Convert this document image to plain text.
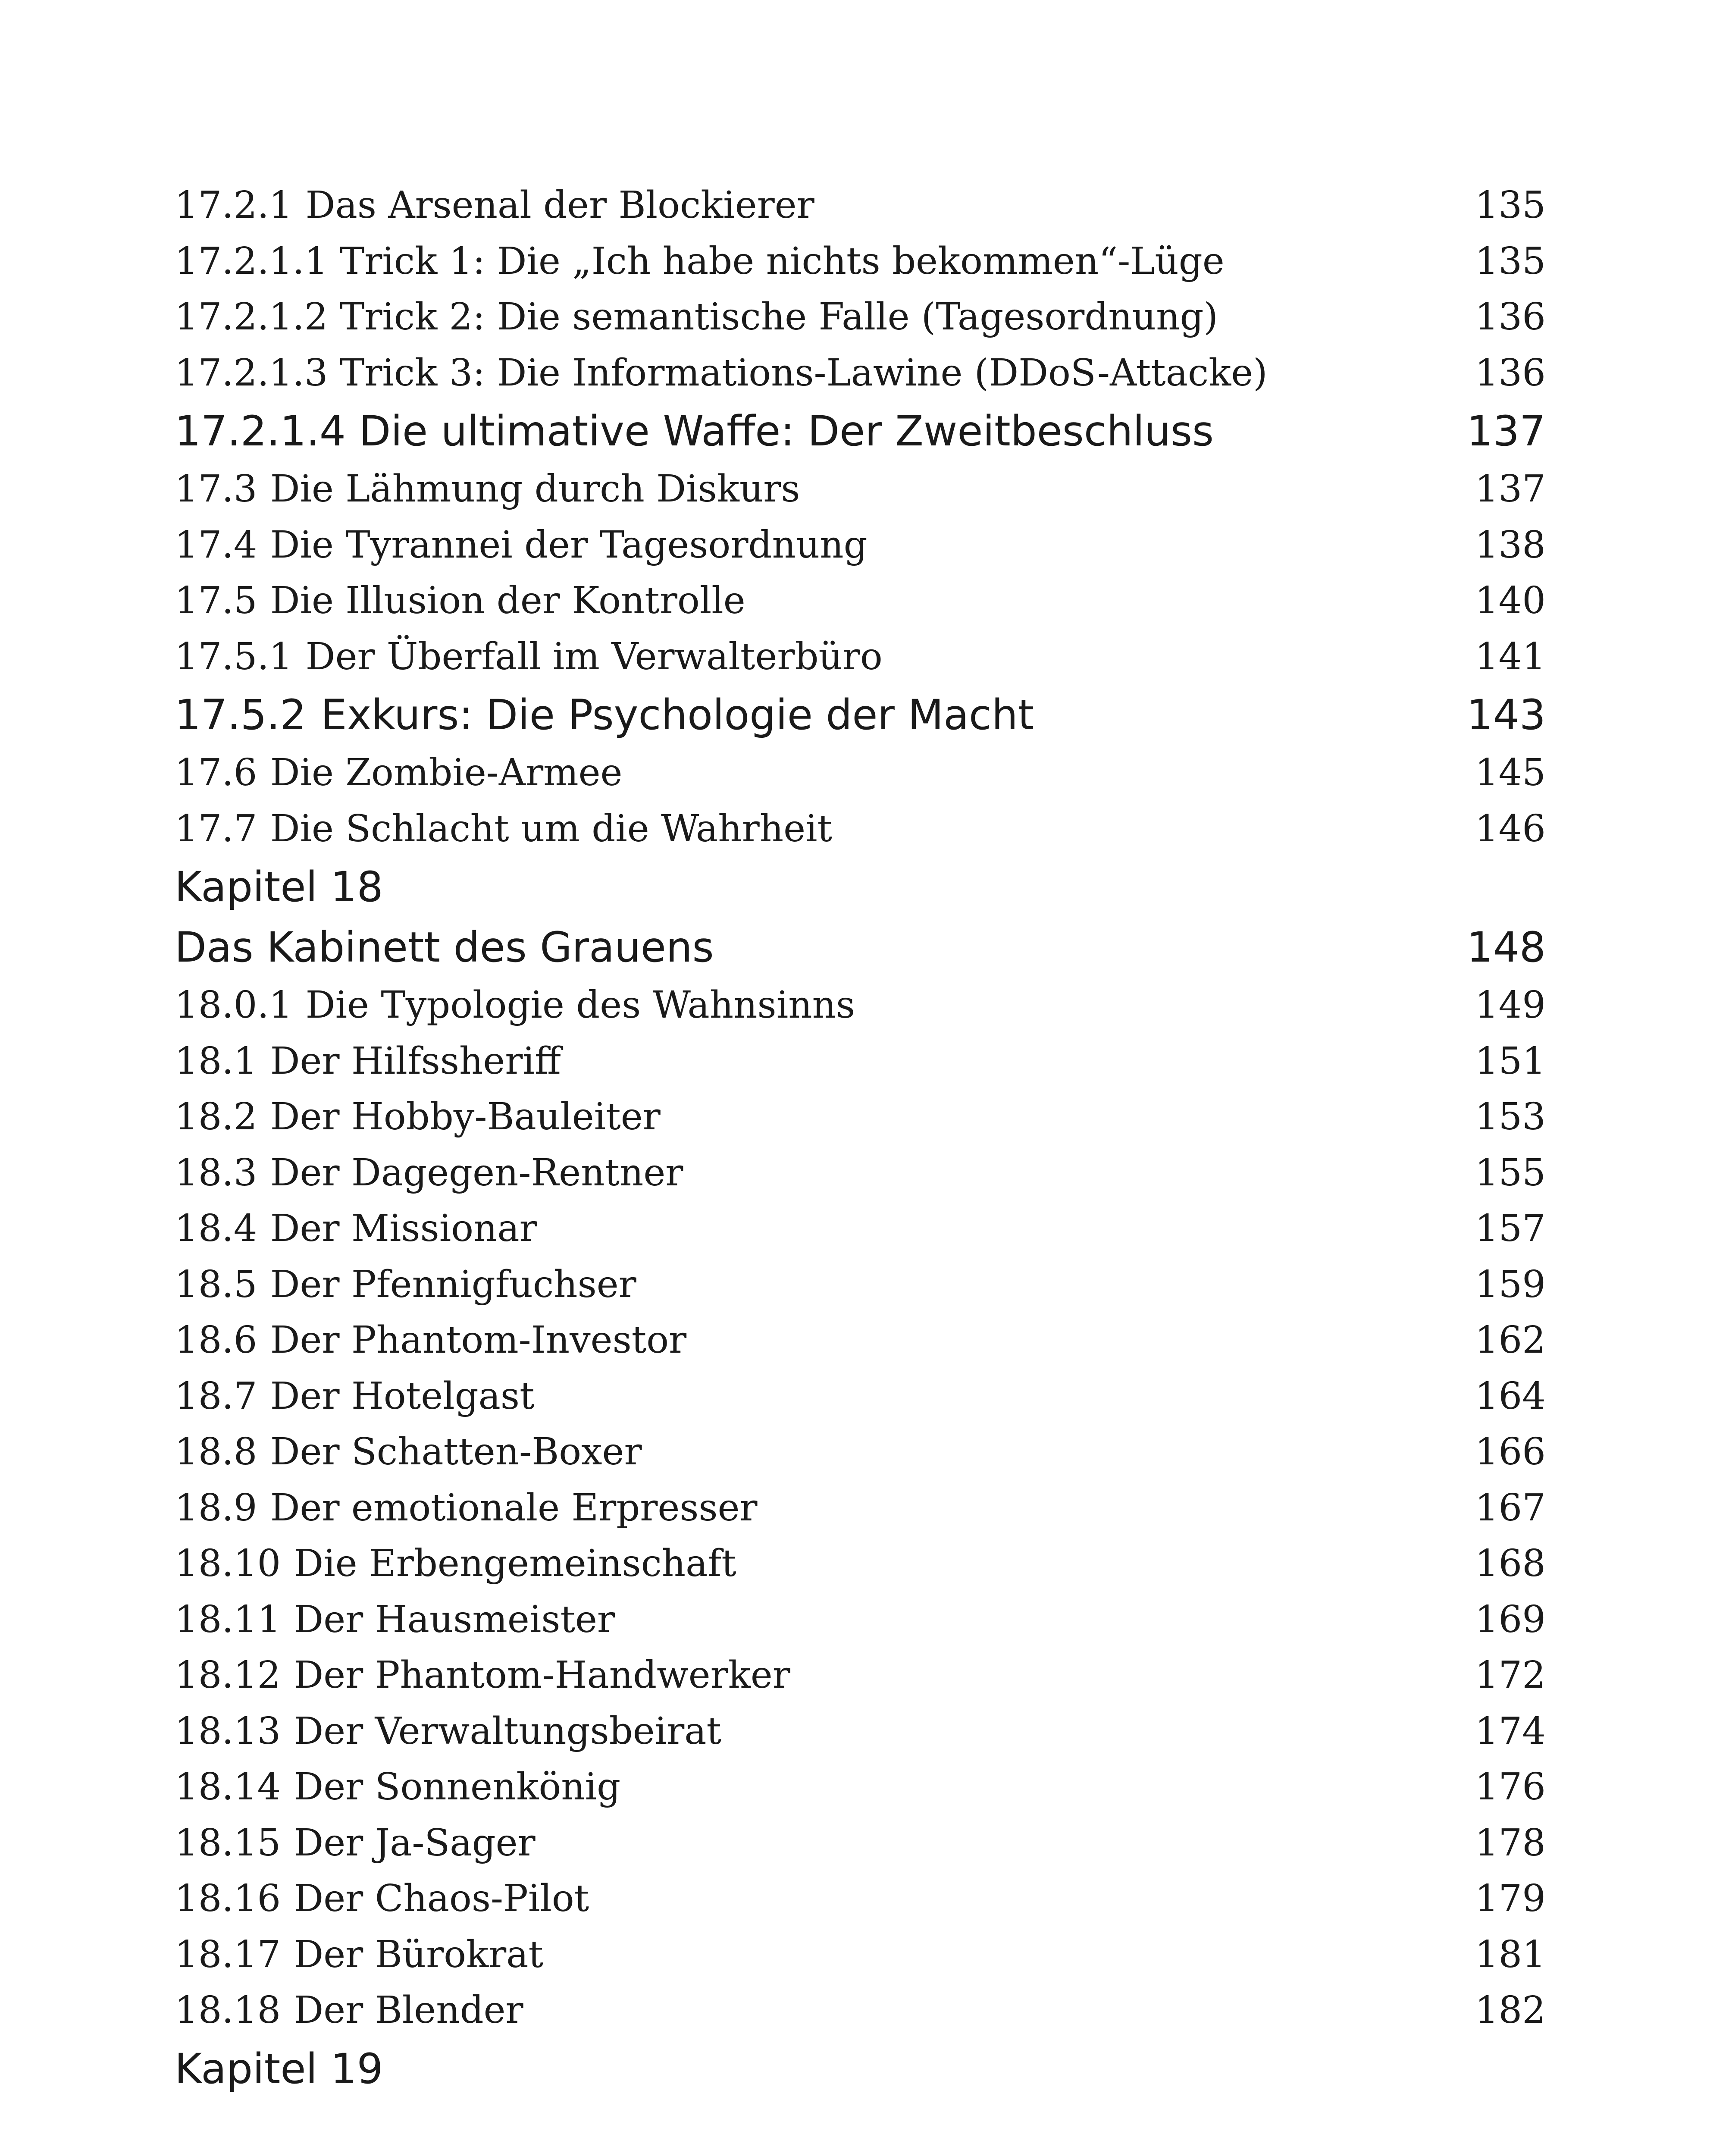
17.2.1 Das Arsenal der Blockierer	135
17.2.1.1 Trick 1: Die „Ich habe nichts bekommen“-Lüge	135
17.2.1.2 Trick 2: Die semantische Falle (Tagesordnung)	136
17.2.1.3 Trick 3: Die Informations-Lawine (DDoS-Attacke)	136
17.2.1.4 Die ultimative Waffe: Der Zweitbeschluss	137
17.3 Die Lähmung durch Diskurs	137
17.4 Die Tyrannei der Tagesordnung	138
17.5 Die Illusion der Kontrolle	140
17.5.1 Der Überfall im Verwalterbüro	141
17.5.2 Exkurs: Die Psychologie der Macht	143
17.6 Die Zombie-Armee	145
17.7 Die Schlacht um die Wahrheit	146
Kapitel 18
Das Kabinett des Grauens	148
18.0.1 Die Typologie des Wahnsinns	149
18.1 Der Hilfssheriff	151
18.2 Der Hobby-Bauleiter	153
18.3 Der Dagegen-Rentner	155
18.4 Der Missionar	157
18.5 Der Pfennigfuchser	159
18.6 Der Phantom-Investor	162
18.7 Der Hotelgast	164
18.8 Der Schatten-Boxer	166
18.9 Der emotionale Erpresser	167
18.10 Die Erbengemeinschaft	168
18.11 Der Hausmeister	169
18.12 Der Phantom-Handwerker	172
18.13 Der Verwaltungsbeirat	174
18.14 Der Sonnenkönig	176
18.15 Der Ja-Sager	178
18.16 Der Chaos-Pilot	179
18.17 Der Bürokrat	181
18.18 Der Blender	182
Kapitel 19
